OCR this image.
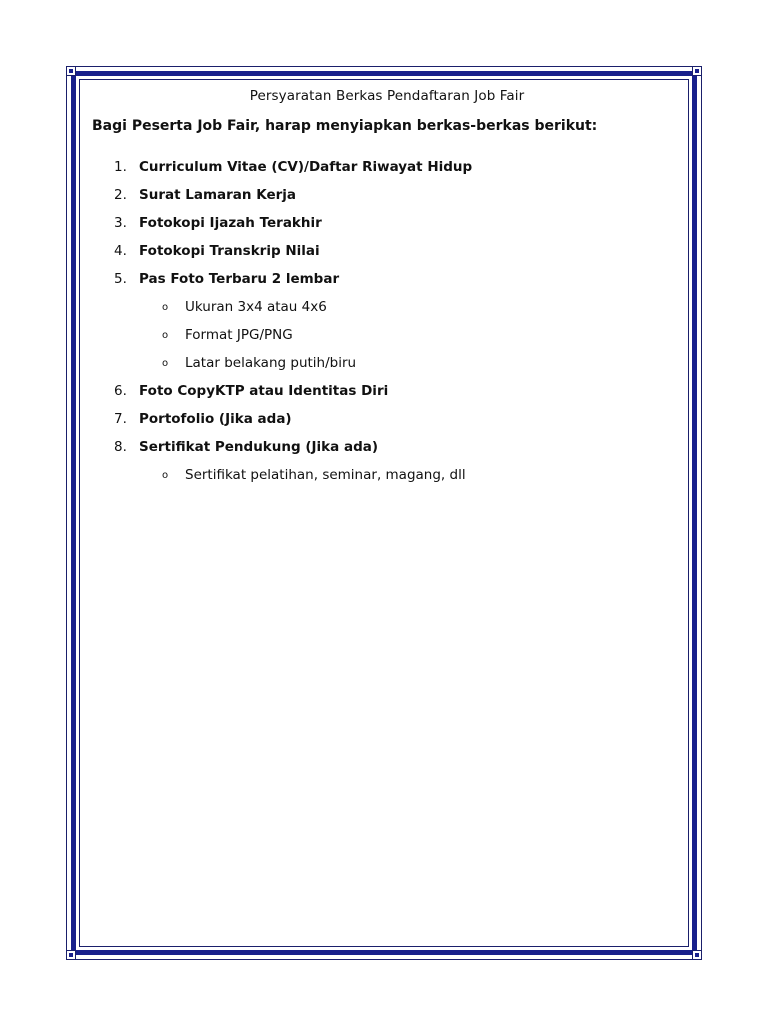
Persyaratan Berkas Pendaftaran Job Fair

Bagi Peserta Job Fair, harap menyiapkan berkas-berkas berikut:

1. Curriculum Vitae (CV)/Daftar Riwayat Hidup
2. Surat Lamaran Kerja
3. Fotokopi Ijazah Terakhir
4. Fotokopi Transkrip Nilai
5. Pas Foto Terbaru 2 lembar
o Ukuran 3x4 atau 4x6
o Format JPG/PNG
o Latar belakang putih/biru
6. Foto CopyKTP atau Identitas Diri
7. Portofolio (Jika ada)
8. Sertifikat Pendukung (Jika ada)
o Sertifikat pelatihan, seminar, magang, dll
